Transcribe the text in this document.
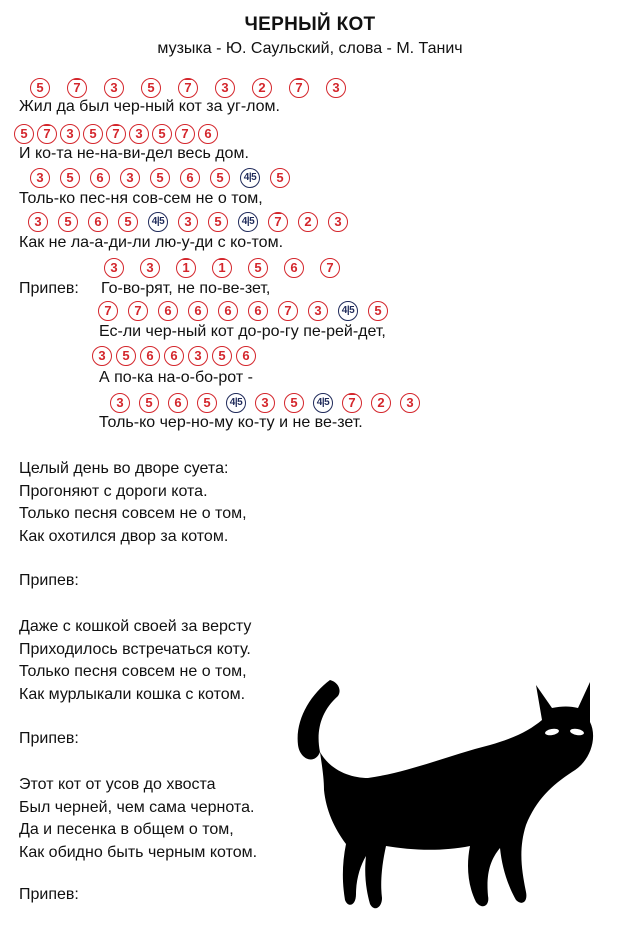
ЧЕРНЫЙ КОТ
музыка - Ю. Саульский, слова - М. Танич
5	7	3	5	7	3	2	7	3
Жил да был чер-ный кот за уг-лом.
5	7	3	5	7	3	5	7	6
И ко-та не-на-ви-дел весь дом.
3	5	6	3	5	6	5	4|5	5
Толь-ко пес-ня сов-сем не о том,
3	5	6	5	4|5	3	5	4|5	7	2	3
Как не ла-а-ди-ли лю-у-ди с ко-том.
3	3	1	1	5	6	7
Припев: Го-во-рят, не по-ве-зет,
7	7	6	6	6	6	7	3	4|5	5
Ес-ли чер-ный кот до-ро-гу пе-рей-дет,
3	5	6	6	3	5	6
А по-ка на-о-бо-рот -
3	5	6	5	4|5	3	5	4|5	7	2	3
Толь-ко чер-но-му ко-ту и не ве-зет.
Целый день во дворе суета:
Прогоняют с дороги кота.
Только песня совсем не о том,
Как охотился двор за котом.
Припев:
Даже с кошкой своей за версту
Приходилось встречаться коту.
Только песня совсем не о том,
Как мурлыкали кошка с котом.
Припев:
Этот кот от усов до хвоста
Был черней, чем сама чернота.
Да и песенка в общем о том,
Как обидно быть черным котом.
Припев:
